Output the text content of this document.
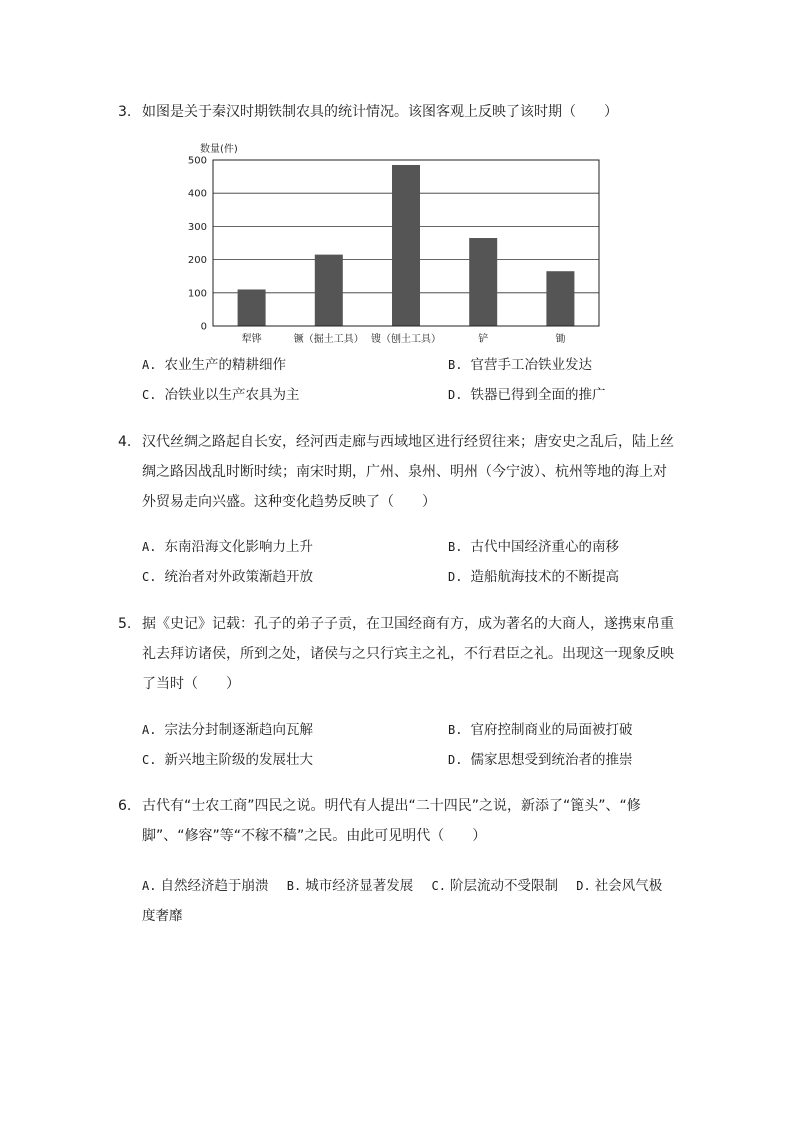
3. 如图是关于秦汉时期铁制农具的统计情况。该图客观上反映了该时期（　　）
数量(件)
0
100
200
300
400
500
犁铧	镢（掘土工具） 锼（刨土工具）	铲	锄
A. 农业生产的精耕细作	B. 官营手工冶铁业发达
C. 冶铁业以生产农具为主	D. 铁器已得到全面的推广
4. 汉代丝绸之路起自长安，经河西走廊与西域地区进行经贸往来；唐安史之乱后，陆上丝绸之路因战乱时断时续；南宋时期，广州、泉州、明州（今宁波）、杭州等地的海上对外贸易走向兴盛。这种变化趋势反映了（　　）
A. 东南沿海文化影响力上升	B. 古代中国经济重心的南移
C. 统治者对外政策渐趋开放	D. 造船航海技术的不断提高
5. 据《史记》记载：孔子的弟子子贡，在卫国经商有方，成为著名的大商人，遂携束帛重礼去拜访诸侯，所到之处，诸侯与之只行宾主之礼，不行君臣之礼。出现这一现象反映了当时（　　）
A. 宗法分封制逐渐趋向瓦解	B. 官府控制商业的局面被打破
C. 新兴地主阶级的发展壮大	D. 儒家思想受到统治者的推崇
6. 古代有“士农工商”四民之说。明代有人提出“二十四民”之说，新添了“篦头”、“修脚”、“修容”等“不稼不穑”之民。由此可见明代（　　）
A. 自然经济趋于崩溃 B. 城市经济显著发展 C. 阶层流动不受限制 D. 社会风气极度奢靡
